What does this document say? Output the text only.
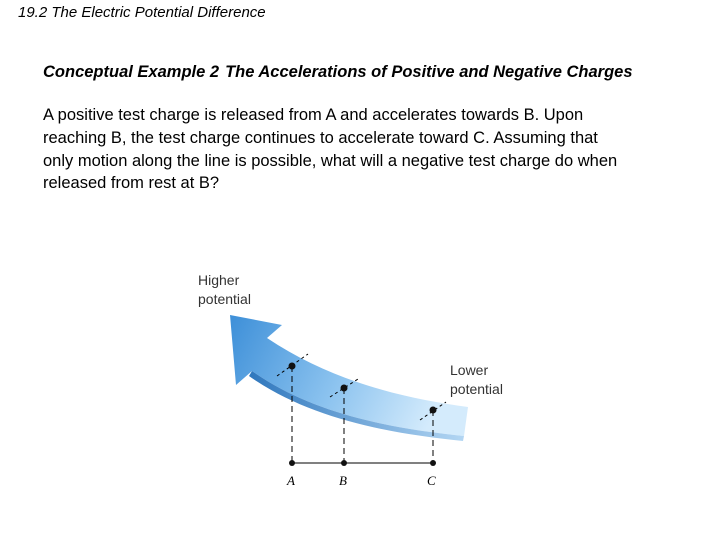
19.2 The Electric Potential Difference
Conceptual Example 2 The Accelerations of Positive and Negative Charges
A positive test charge is released from A and accelerates towards B. Upon
reaching B, the test charge continues to accelerate toward C. Assuming that
only motion along the line is possible, what will a negative test charge do when
released from rest at B?
Higher
potential
Lower
potential
A	B	C
